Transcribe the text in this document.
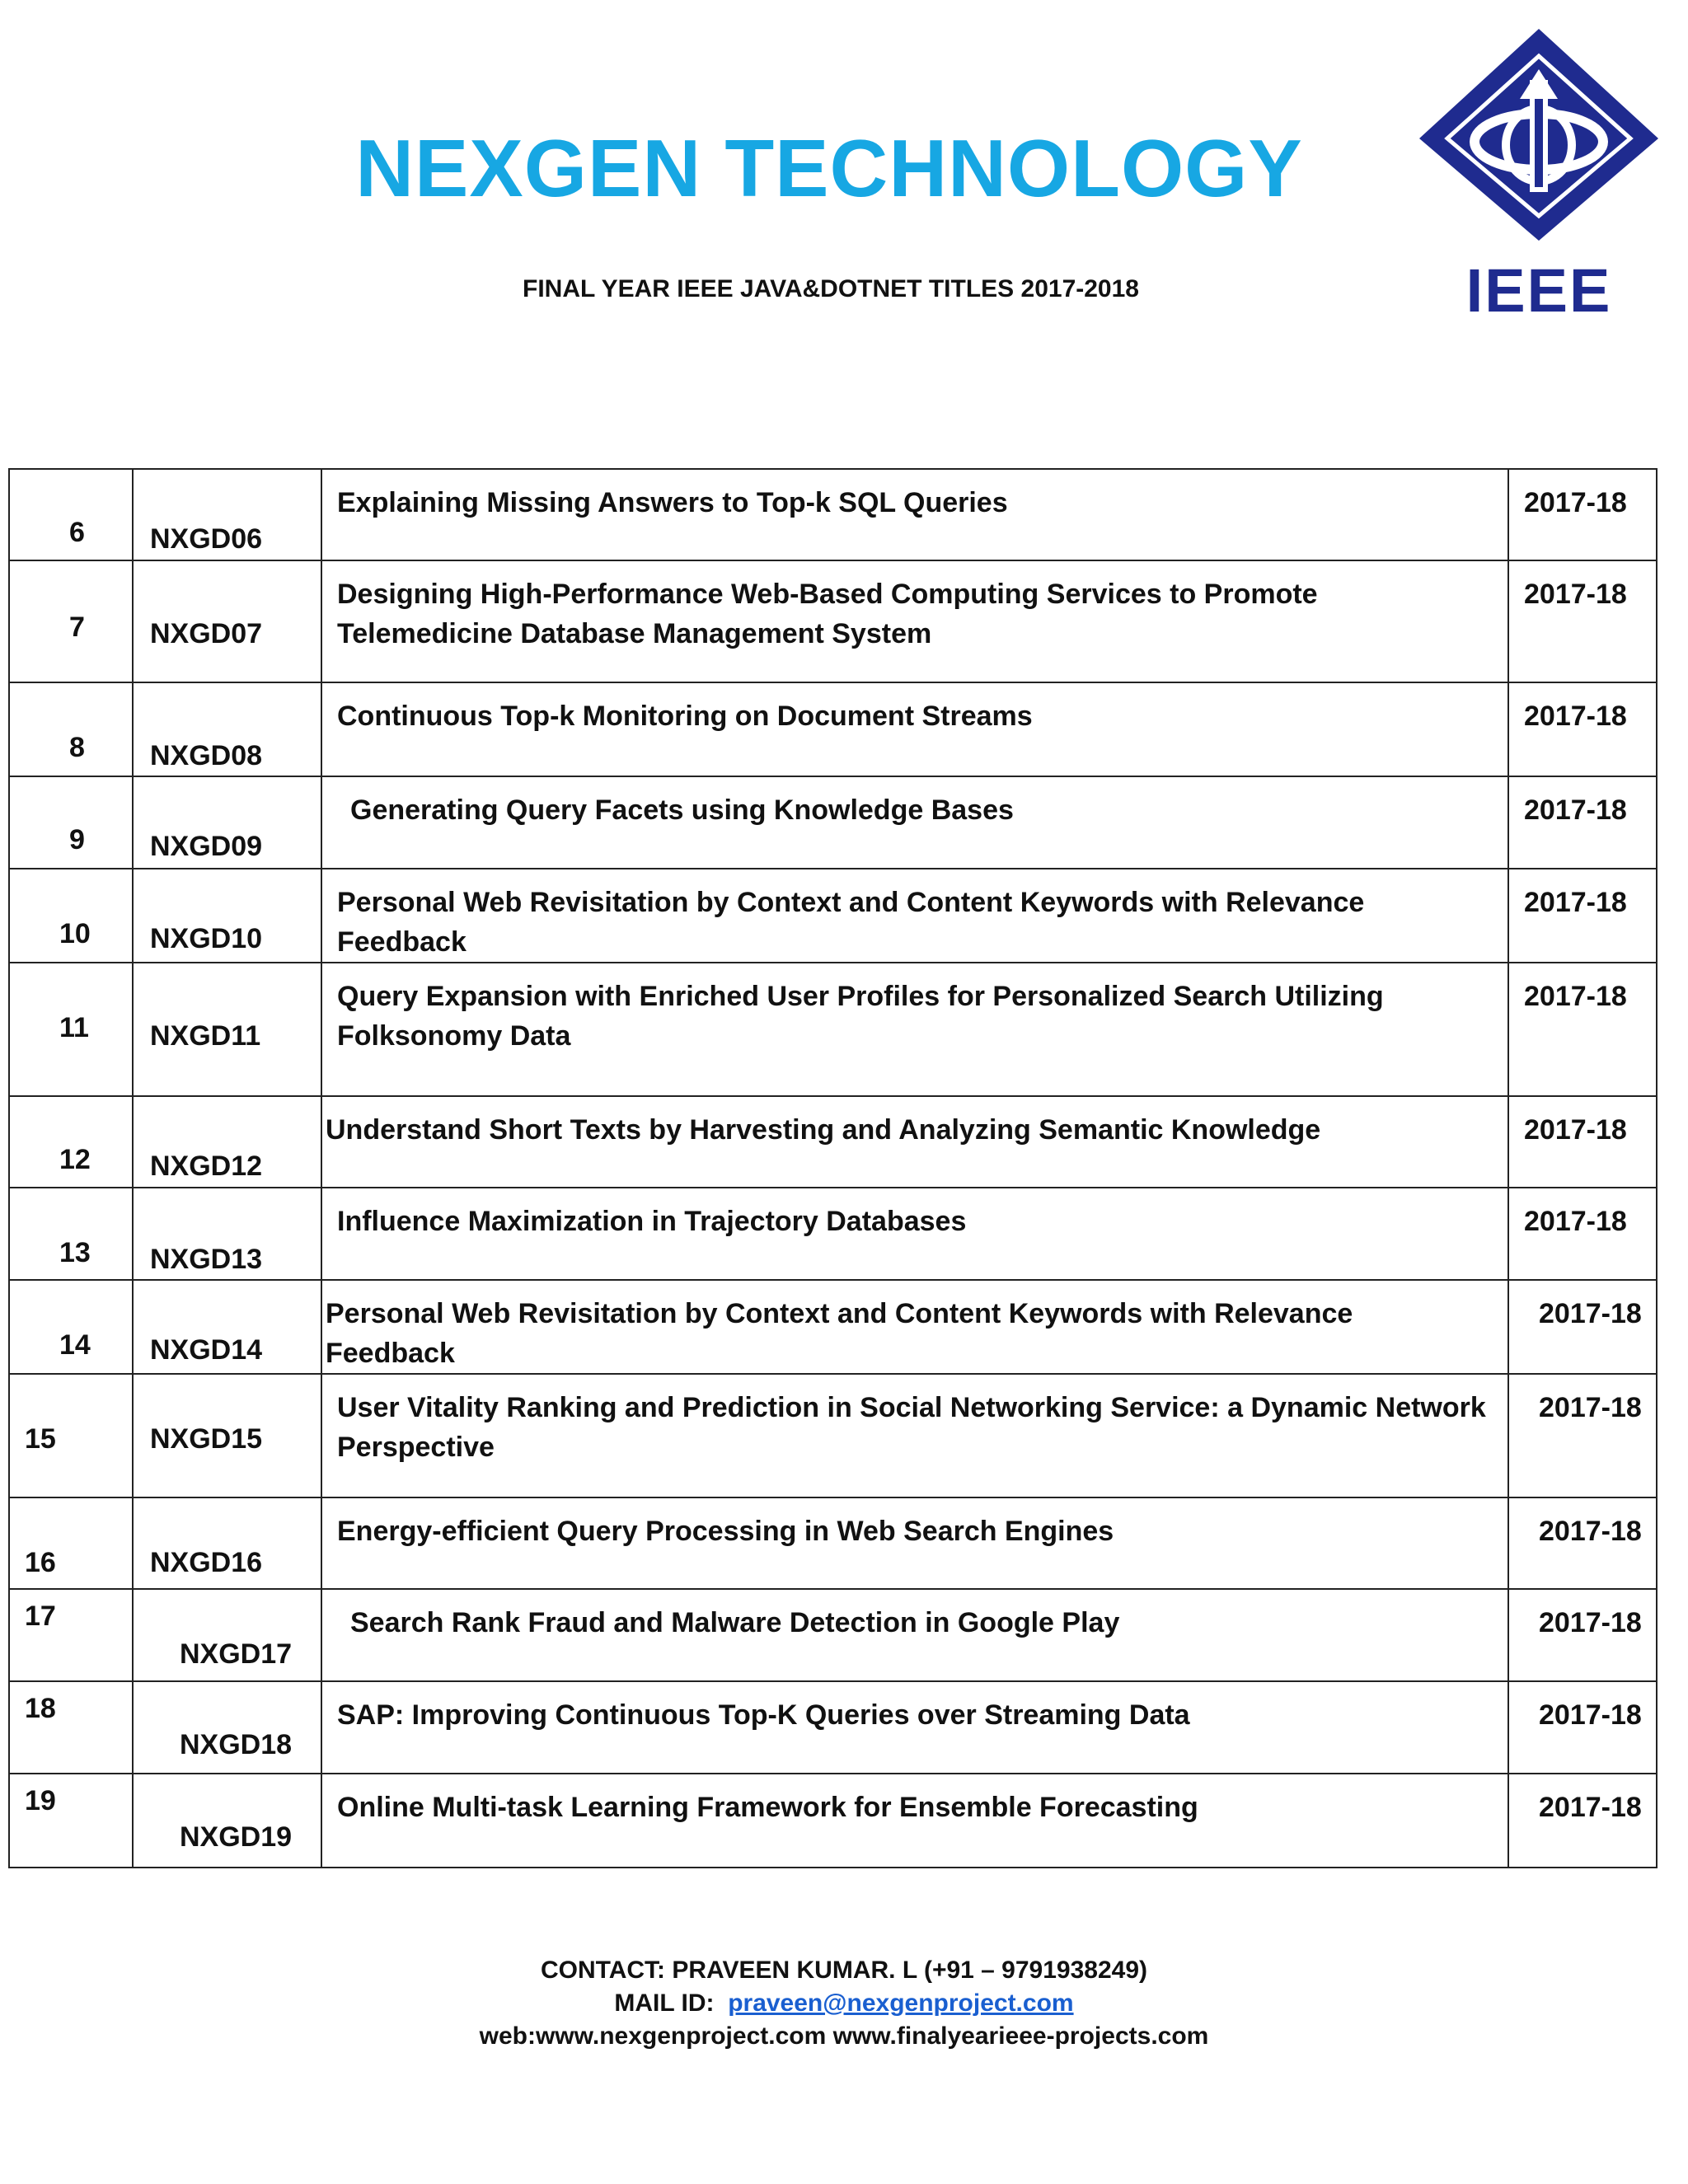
NEXGEN TECHNOLOGY
FINAL YEAR IEEE JAVA&DOTNET TITLES 2017-2018	IEEE
6	NXGD06	Explaining Missing Answers to Top-k SQL Queries	2017-18

7	NXGD07	Designing High-Performance Web-Based Computing Services to Promote Telemedicine Database Management System	2017-18

8	NXGD08	Continuous Top-k Monitoring on Document Streams	2017-18

9	NXGD09	Generating Query Facets using Knowledge Bases	2017-18

10	NXGD10	Personal Web Revisitation by Context and Content Keywords with Relevance Feedback	2017-18

11	NXGD11	Query Expansion with Enriched User Profiles for Personalized Search Utilizing Folksonomy Data	2017-18

12	NXGD12	Understand Short Texts by Harvesting and Analyzing Semantic Knowledge	2017-18

13	NXGD13	Influence Maximization in Trajectory Databases	2017-18

14	NXGD14	Personal Web Revisitation by Context and Content Keywords with Relevance Feedback	2017-18

15	NXGD15	User Vitality Ranking and Prediction in Social Networking Service: a Dynamic Network Perspective	2017-18

16	NXGD16	Energy-efficient Query Processing in Web Search Engines	2017-18

17	NXGD17	Search Rank Fraud and Malware Detection in Google Play	2017-18

18	NXGD18	SAP: Improving Continuous Top-K Queries over Streaming Data	2017-18

19	NXGD19	Online Multi-task Learning Framework for Ensemble Forecasting	2017-18
CONTACT: PRAVEEN KUMAR. L (+91 – 9791938249)
MAIL ID: praveen@nexgenproject.com
web:www.nexgenproject.com www.finalyearieee-projects.com
